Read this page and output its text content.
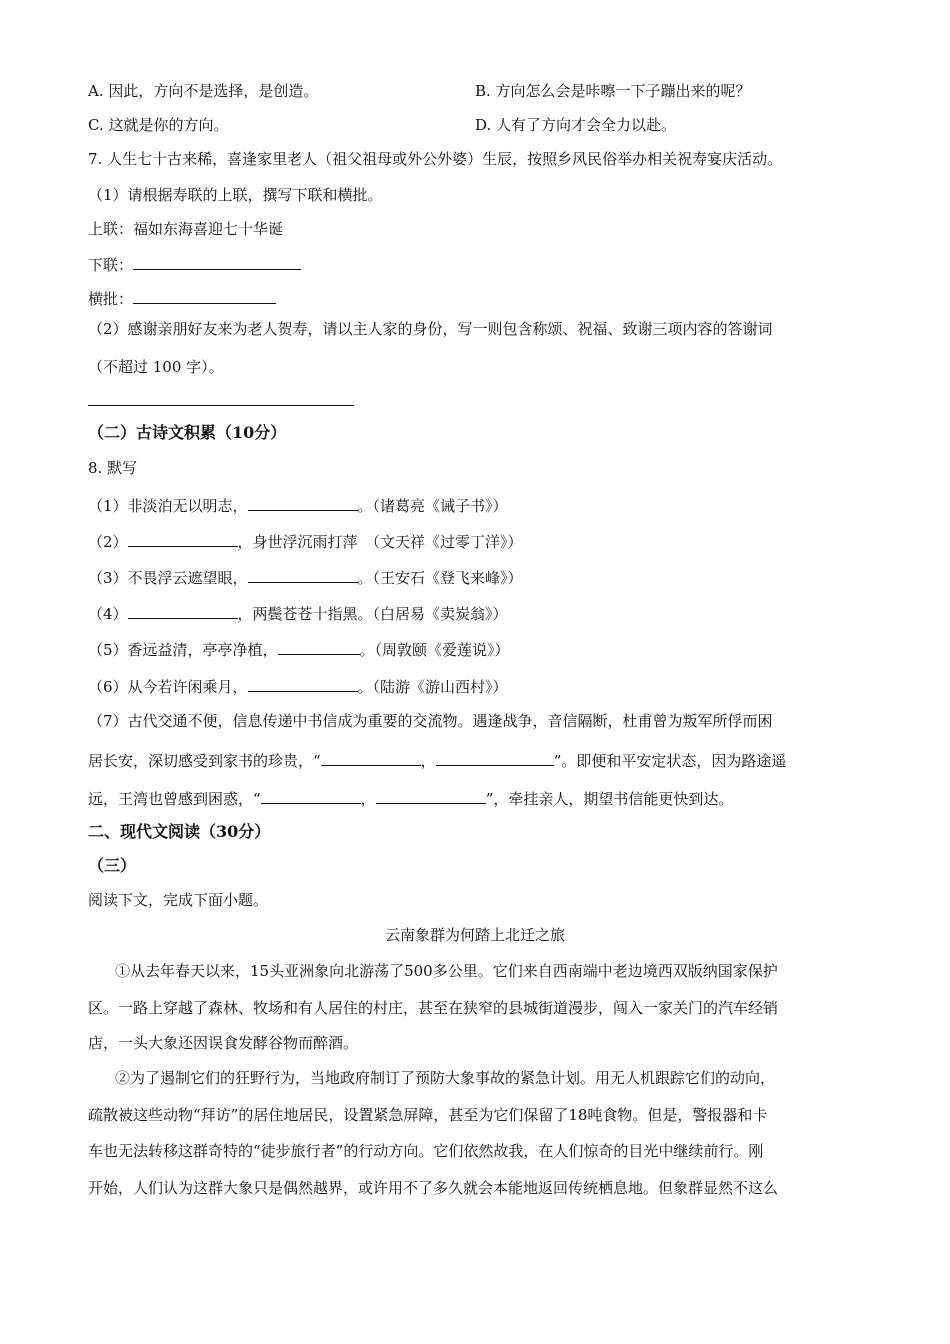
A. 因此，方向不是选择，是创造。	B. 方向怎么会是咔嚓一下子蹦出来的呢？
C. 这就是你的方向。	D. 人有了方向才会全力以赴。
7. 人生七十古来稀，喜逢家里老人（祖父祖母或外公外婆）生辰，按照乡风民俗举办相关祝寿宴庆活动。
（1）请根据寿联的上联，撰写下联和横批。
上联：福如东海喜迎七十华诞
下联：
横批：
（2）感谢亲朋好友来为老人贺寿，请以主人家的身份，写一则包含称颂、祝福、致谢三项内容的答谢词
（不超过 100 字）。
（二）古诗文积累（10分）
8. 默写
（1）非淡泊无以明志，	。（诸葛亮《诫子书》）
（2）	，身世浮沉雨打萍　（文天祥《过零丁洋》）
（3）不畏浮云遮望眼，	。（王安石《登飞来峰》）
（4）	，两鬓苍苍十指黑。（白居易《卖炭翁》）
（5）香远益清，亭亭净植，	。（周敦颐《爱莲说》）
（6）从今若许闲乘月，	。（陆游《游山西村》）
（7）古代交通不便，信息传递中书信成为重要的交流物。遇逢战争，音信隔断，杜甫曾为叛军所俘而困
居长安，深切感受到家书的珍贵，“	，	”。即便和平安定状态，因为路途遥
远，王湾也曾感到困惑，“	，	”，牵挂亲人，期望书信能更快到达。
二、现代文阅读（30分）
（三）
阅读下文，完成下面小题。
云南象群为何踏上北迁之旅
①从去年春天以来，15头亚洲象向北游荡了500多公里。它们来自西南端中老边境西双版纳国家保护
区。一路上穿越了森林、牧场和有人居住的村庄，甚至在狭窄的县城街道漫步，闯入一家关门的汽车经销
店，一头大象还因误食发酵谷物而醉酒。
②为了遏制它们的狂野行为，当地政府制订了预防大象事故的紧急计划。用无人机跟踪它们的动向，
疏散被这些动物“拜访”的居住地居民，设置紧急屏障，甚至为它们保留了18吨食物。但是，警报器和卡
车也无法转移这群奇特的“徒步旅行者”的行动方向。它们依然故我，在人们惊奇的目光中继续前行。刚
开始，人们认为这群大象只是偶然越界，或许用不了多久就会本能地返回传统栖息地。但象群显然不这么
